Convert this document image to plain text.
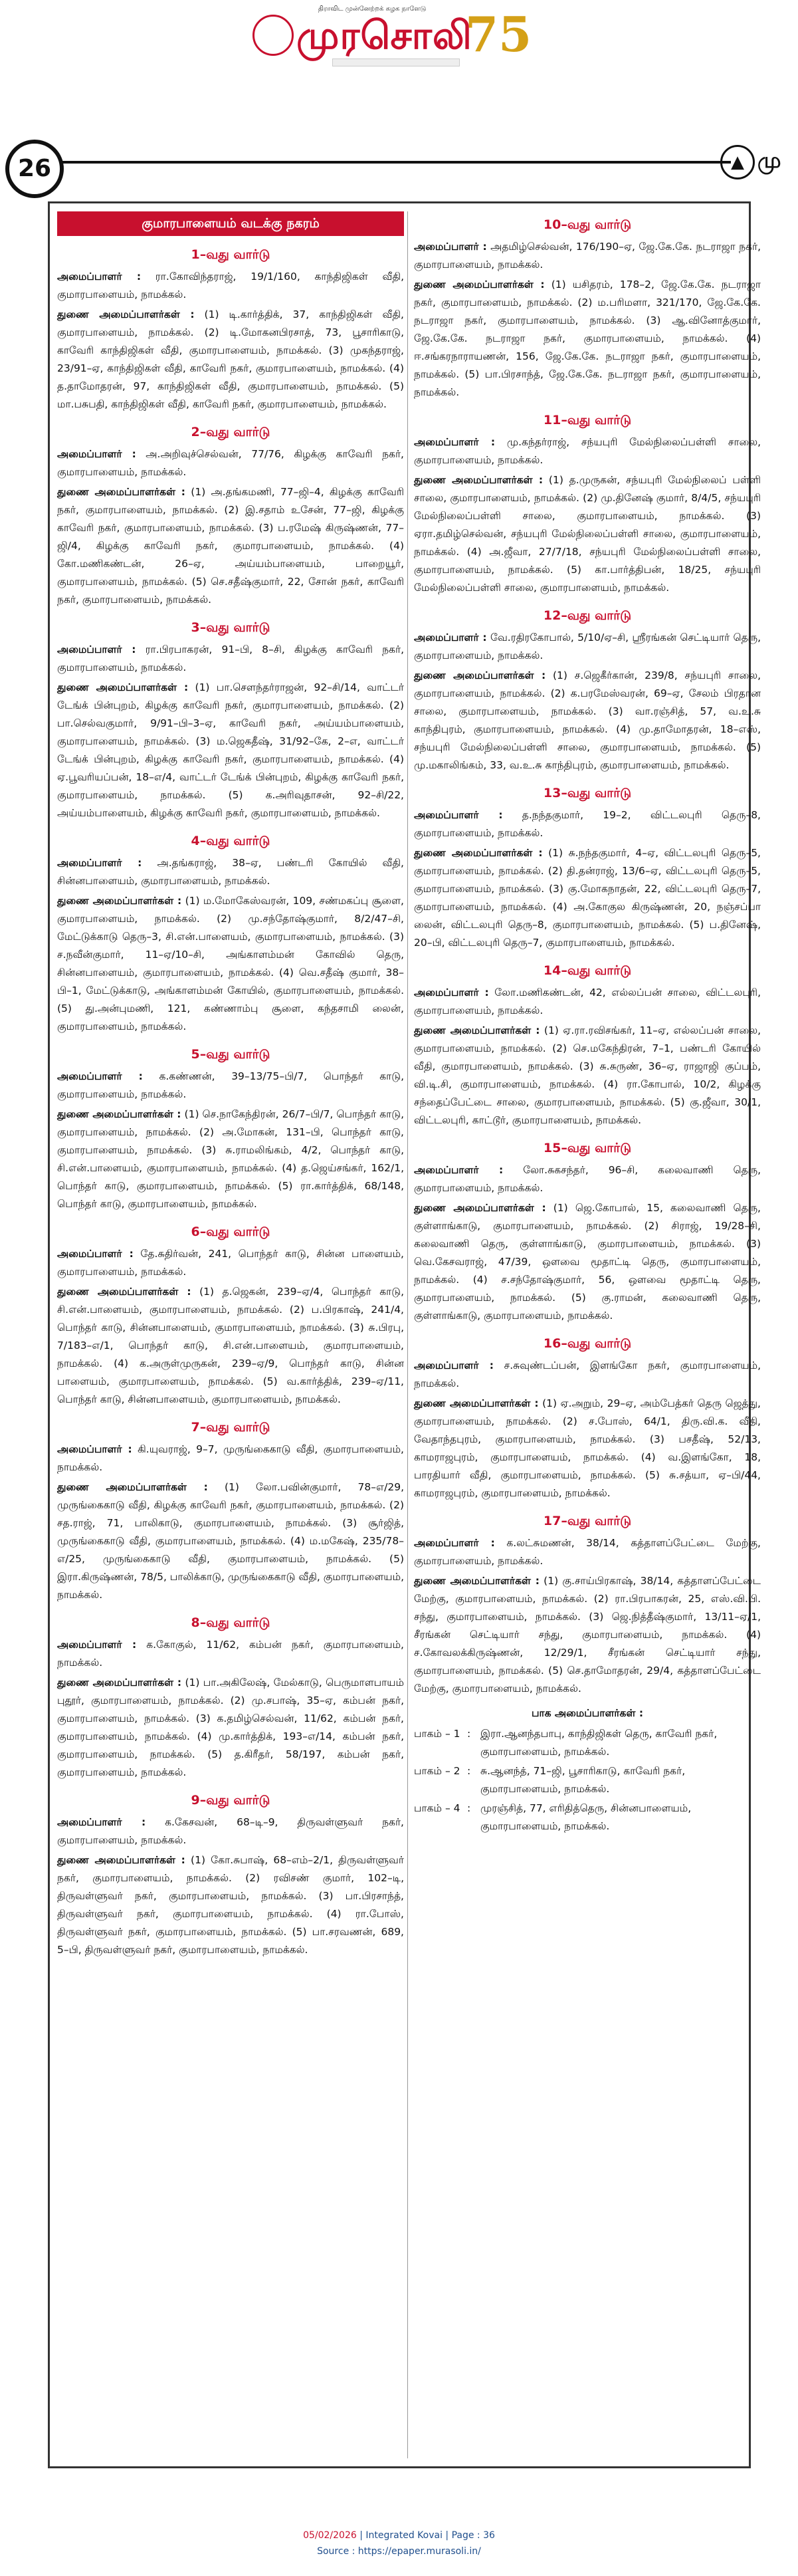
திராவிட முன்னேற்றக் கழக நாளேடு
முரசொலி
75
26	▲ மு
குமாரபாளையம் வடக்கு நகரம்
1–வது வார்டு
அமைப்பாளர் : ரா.கோவிந்தராஜ், 19/1/160, காந்திஜிகள் வீதி, குமாரபாளையம், நாமக்கல்.
துணை அமைப்பாளர்கள் : (1) டி.கார்த்திக், 37, காந்திஜிகள் வீதி, குமாரபாளையம், நாமக்கல். (2) டி.மோகனபிரசாத், 73, பூசாரிகாடு, காவேரி காந்திஜிகள் வீதி, குமாரபாளையம், நாமக்கல். (3) முகந்தராஜ், 23/91–ஏ, காந்திஜிகள் வீதி, காவேரி நகர், குமாரபாளையம், நாமக்கல். (4) த.தாமோதரன், 97, காந்திஜிகள் வீதி, குமாரபாளையம், நாமக்கல். (5) மா.பசுபதி, காந்திஜிகள் வீதி, காவேரி நகர், குமாரபாளையம், நாமக்கல்.
2–வது வார்டு
அமைப்பாளர் : அ.அறிவுச்செல்வன், 77/76, கிழக்கு காவேரி நகர், குமாரபாளையம், நாமக்கல்.
துணை அமைப்பாளர்கள் : (1) அ.தங்கமணி, 77–ஜி–4, கிழக்கு காவேரி நகர், குமாரபாளையம், நாமக்கல். (2) இ.சதாம் உசேன், 77–ஜி, கிழக்கு காவேரி நகர், குமாரபாளையம், நாமக்கல். (3) ப.ரமேஷ் கிருஷ்ணன், 77–ஜி/4, கிழக்கு காவேரி நகர், குமாரபாளையம், நாமக்கல். (4) கோ.மணிகண்டன், 26–ஏ, அய்யம்பாளையம், பாறையூர், குமாரபாளையம், நாமக்கல். (5) செ.சதீஷ்குமார், 22, சோன் நகர், காவேரி நகர், குமாரபாளையம், நாமக்கல்.
3–வது வார்டு
அமைப்பாளர் : ரா.பிரபாகரன், 91–பி, 8–சி, கிழக்கு காவேரி நகர், குமாரபாளையம், நாமக்கல்.
துணை அமைப்பாளர்கள் : (1) பா.சௌந்தர்ராஜன், 92–சி/14, வாட்டர் டேங்க் பின்புறம், கிழக்கு காவேரி நகர், குமாரபாளையம், நாமக்கல். (2) பா.செல்வகுமார், 9/91–பி–3–ஏ, காவேரி நகர், அய்யம்பாளையம், குமாரபாளையம், நாமக்கல். (3) ம.ஜெகதீஷ், 31/92–கே, 2–எ, வாட்டர் டேங்க் பின்புறம், கிழக்கு காவேரி நகர், குமாரபாளையம், நாமக்கல். (4) ஏ.பூவரியப்பன், 18–எ/4, வாட்டர் டேங்க் பின்புறம், கிழக்கு காவேரி நகர், குமாரபாளையம், நாமக்கல். (5) க.அரிவுதாசன், 92–சி/22, அய்யம்பாளையம், கிழக்கு காவேரி நகர், குமாரபாளையம், நாமக்கல்.
4–வது வார்டு
அமைப்பாளர் : அ.தங்கராஜ், 38–ஏ, பண்டரி கோயில் வீதி, சின்னபாளையம், குமாரபாளையம், நாமக்கல்.
துணை அமைப்பாளர்கள் : (1) ம.மோகேஸ்வரன், 109, சண்மகப்பு சூளை, குமாரபாளையம், நாமக்கல். (2) மு.சந்தோஷ்குமார், 8/2/47–சி, மேட்டுக்காடு தெரு–3, சி.என்.பாளையம், குமாரபாளையம், நாமக்கல். (3) ச.நவீன்குமார், 11–ஏ/10–சி, அங்காளம்மன் கோவில் தெரு, சின்னபாளையம், குமாரபாளையம், நாமக்கல். (4) வெ.சதீஷ் குமார், 38–பி–1, மேட்டுக்காடு, அங்காளம்மன் கோயில், குமாரபாளையம், நாமக்கல். (5) து.அன்புமணி, 121, கண்ணாம்பு சூளை, கந்தசாமி லைன், குமாரபாளையம், நாமக்கல்.
5–வது வார்டு
அமைப்பாளர் : க.கண்ணன், 39–13/75–பி/7, பொந்தர் காடு, குமாரபாளையம், நாமக்கல்.
துணை அமைப்பாளர்கள் : (1) செ.நாகேந்திரன், 26/7–பி/7, பொந்தர் காடு, குமாரபாளையம், நாமக்கல். (2) அ.மோகன், 131–பி, பொந்தர் காடு, குமாரபாளையம், நாமக்கல். (3) சு.ராமலிங்கம், 4/2, பொந்தர் காடு, சி.என்.பாளையம், குமாரபாளையம், நாமக்கல். (4) த.ஜெய்சங்கர், 162/1, பொந்தர் காடு, குமாரபாளையம், நாமக்கல். (5) ரா.கார்த்திக், 68/148, பொந்தர் காடு, குமாரபாளையம், நாமக்கல்.
6–வது வார்டு
அமைப்பாளர் : தே.சுதிர்வன், 241, பொந்தர் காடு, சின்ன பாளையம், குமாரபாளையம், நாமக்கல்.
துணை அமைப்பாளர்கள் : (1) த.ஜெகன், 239–ஏ/4, பொந்தர் காடு, சி.என்.பாளையம், குமாரபாளையம், நாமக்கல். (2) ப.பிரகாஷ், 241/4, பொந்தர் காடு, சின்னபாளையம், குமாரபாளையம், நாமக்கல். (3) சு.பிரபு, 7/183–எ/1, பொந்தர் காடு, சி.என்.பாளையம், குமாரபாளையம், நாமக்கல். (4) க.அருள்முருகன், 239–ஏ/9, பொந்தர் காடு, சின்ன பாளையம், குமாரபாளையம், நாமக்கல். (5) வ.கார்த்திக், 239–ஏ/11, பொந்தர் காடு, சின்னபாளையம், குமாரபாளையம், நாமக்கல்.
7–வது வார்டு
அமைப்பாளர் : கி.யுவராஜ், 9–7, முருங்கைகாடு வீதி, குமாரபாளையம், நாமக்கல்.
துணை அமைப்பாளர்கள் : (1) லோ.பவின்குமார், 78–எ/29, முருங்கைகாடு வீதி, கிழக்கு காவேரி நகர், குமாரபாளையம், நாமக்கல். (2) சத.ராஜ், 71, பாலிகாடு, குமாரபாளையம், நாமக்கல். (3) சூர்ஜித், முருங்கைகாடு வீதி, குமாரபாளையம், நாமக்கல். (4) ம.மகேஷ், 235/78–எ/25, முருங்கைகாடு வீதி, குமாரபாளையம், நாமக்கல். (5) இரா.கிருஷ்ணன், 78/5, பாலிக்காடு, முருங்கைகாடு வீதி, குமாரபாளையம், நாமக்கல்.
8–வது வார்டு
அமைப்பாளர் : க.கோகுல், 11/62, கம்பன் நகர், குமாரபாளையம், நாமக்கல்.
துணை அமைப்பாளர்கள் : (1) பா.அகிலேஷ், மேல்காடு, பெருமாளபாயம் புதூர், குமாரபாளையம், நாமக்கல். (2) மு.சபாஷ், 35–ஏ, கம்பன் நகர், குமாரபாளையம், நாமக்கல். (3) க.தமிழ்செல்வன், 11/62, கம்பன் நகர், குமாரபாளையம், நாமக்கல். (4) மு.கார்த்திக், 193–எ/14, கம்பன் நகர், குமாரபாளையம், நாமக்கல். (5) த.கிரீதர், 58/197, கம்பன் நகர், குமாரபாளையம், நாமக்கல்.
9–வது வார்டு
அமைப்பாளர் : க.கேசவன், 68–டி–9, திருவள்ளுவர் நகர், குமாரபாளையம், நாமக்கல்.
துணை அமைப்பாளர்கள் : (1) கோ.சுபாஷ், 68–எம்–2/1, திருவள்ளுவர் நகர், குமாரபாளையம், நாமக்கல். (2) ரவிசண் குமார், 102–டி, திருவள்ளுவர் நகர், குமாரபாளையம், நாமக்கல். (3) பா.பிரசாந்த், திருவள்ளுவர் நகர், குமாரபாளையம், நாமக்கல். (4) ரா.போஸ், திருவள்ளுவர் நகர், குமாரபாளையம், நாமக்கல். (5) பா.சரவணன், 689, 5–பி, திருவள்ளுவர் நகர், குமாரபாளையம், நாமக்கல்.
10–வது வார்டு
அமைப்பாளர் : அதமிழ்செல்வன், 176/190–ஏ, ஜே.கே.கே. நடராஜா நகர், குமாரபாளையம், நாமக்கல்.
துணை அமைப்பாளர்கள் : (1) யசிதரம், 178–2, ஜே.கே.கே. நடராஜா நகர், குமாரபாளையம், நாமக்கல். (2) ம.பரிமளா, 321/170, ஜே.கே.கே. நடராஜா நகர், குமாரபாளையம், நாமக்கல். (3) ஆ.வினோத்குமார், ஜே.கே.கே. நடராஜா நகர், குமாரபாளையம், நாமக்கல். (4) ஈ.சங்கரநாராயணன், 156, ஜே.கே.கே. நடராஜா நகர், குமாரபாளையம், நாமக்கல். (5) பா.பிரசாந்த், ஜே.கே.கே. நடராஜா நகர், குமாரபாளையம், நாமக்கல்.
11–வது வார்டு
அமைப்பாளர் : மு.கந்தர்ராஜ், சந்யபுரி மேல்நிலைப்பள்ளி சாலை, குமாரபாளையம், நாமக்கல்.
துணை அமைப்பாளர்கள் : (1) த.முருகன், சந்யபுரி மேல்நிலைப் பள்ளி சாலை, குமாரபாளையம், நாமக்கல். (2) மு.தினேஷ் குமார், 8/4/5, சந்யபுரி மேல்நிலைப்பள்ளி சாலை, குமாரபாளையம், நாமக்கல். (3) ஏரா.தமிழ்செல்வன், சந்யபுரி மேல்நிலைப்பள்ளி சாலை, குமாரபாளையம், நாமக்கல். (4) அ.ஜீவா, 27/7/18, சந்யபுரி மேல்நிலைப்பள்ளி சாலை, குமாரபாளையம், நாமக்கல். (5) கா.பார்த்திபன், 18/25, சந்யபுரி மேல்நிலைப்பள்ளி சாலை, குமாரபாளையம், நாமக்கல்.
12–வது வார்டு
அமைப்பாளர் : வே.ரதிரகோபால், 5/10/ஏ–சி, ஸ்ரீரங்கன் செட்டியார் தெரு, குமாரபாளையம், நாமக்கல்.
துணை அமைப்பாளர்கள் : (1) ச.ஜெகீர்கான், 239/8, சந்யபுரி சாலை, குமாரபாளையம், நாமக்கல். (2) க.பரமேஸ்வரன், 69–ஏ, சேலம் பிரதான சாலை, குமாரபாளையம், நாமக்கல். (3) வா.ரஞ்சித், 57, வ.உ.சு காந்திபுரம், குமாரபாளையம், நாமக்கல். (4) மு.தாமோதரன், 18–எஸ், சந்யபுரி மேல்நிலைப்பள்ளி சாலை, குமாரபாளையம், நாமக்கல். (5) மு.மகாலிங்கம், 33, வ.உ.சு காந்திபுரம், குமாரபாளையம், நாமக்கல்.
13–வது வார்டு
அமைப்பாளர் : த.நந்தகுமார், 19–2, விட்டலபுரி தெரு–8, குமாரபாளையம், நாமக்கல்.
துணை அமைப்பாளர்கள் : (1) சு.நந்தகுமார், 4–ஏ, விட்டலபுரி தெரு–5, குமாரபாளையம், நாமக்கல். (2) தி.தன்ராஜ், 13/6–ஏ, விட்டலபுரி தெரு–5, குமாரபாளையம், நாமக்கல். (3) கு.மோகநாதன், 22, விட்டலபுரி தெரு–7, குமாரபாளையம், நாமக்கல். (4) அ.கோகுல கிருஷ்ணன், 20, நஞ்சப்பா லைன், விட்டலபுரி தெரு–8, குமாரபாளையம், நாமக்கல். (5) ப.தினேஷ், 20–பி, விட்டலபுரி தெரு–7, குமாரபாளையம், நாமக்கல்.
14–வது வார்டு
அமைப்பாளர் : லோ.மணிகண்டன், 42, எல்லப்பன் சாலை, விட்டலபுரி, குமாரபாளையம், நாமக்கல்.
துணை அமைப்பாளர்கள் : (1) ஏ.ரா.ரவிசங்கர், 11–ஏ, எல்லப்பன் சாலை, குமாரபாளையம், நாமக்கல். (2) செ.மகேந்திரன், 7–1, பண்டரி கோயில் வீதி, குமாரபாளையம், நாமக்கல். (3) சு.சுருண், 36–ஏ, ராஜாஜி குப்பம், வி.டி.சி, குமாரபாளையம், நாமக்கல். (4) ரா.கோபால், 10/2, கிழக்கு சந்தைப்பேட்டை சாலை, குமாரபாளையம், நாமக்கல். (5) கு.ஜீவா, 30/1, விட்டலபுரி, காட்டூர், குமாரபாளையம், நாமக்கல்.
15–வது வார்டு
அமைப்பாளர் : லோ.சுகசந்தர், 96–சி, கலைவாணி தெரு, குமாரபாளையம், நாமக்கல்.
துணை அமைப்பாளர்கள் : (1) ஜெ.கோபால், 15, கலைவாணி தெரு, குள்ளாங்காடு, குமாரபாளையம், நாமக்கல். (2) சிராஜ், 19/28–சி, கலைவாணி தெரு, குள்ளாங்காடு, குமாரபாளையம், நாமக்கல். (3) வெ.கேசவராஜ், 47/39, ஒளவை மூதாட்டி தெரு, குமாரபாளையம், நாமக்கல். (4) ச.சந்தோஷ்குமார், 56, ஒளவை மூதாட்டி தெரு, குமாரபாளையம், நாமக்கல். (5) கு.ராமன், கலைவாணி தெரு, குள்ளாங்காடு, குமாரபாளையம், நாமக்கல்.
16–வது வார்டு
அமைப்பாளர் : ச.சுவுண்டப்பன், இளங்கோ நகர், குமாரபாளையம், நாமக்கல்.
துணை அமைப்பாளர்கள் : (1) ஏ.அறும், 29–ஏ, அம்பேத்கர் தெரு ஜெத்து, குமாரபாளையம், நாமக்கல். (2) ச.போஸ், 64/1, திரு.வி.க. வீதி, வேதாந்தபுரம், குமாரபாளையம், நாமக்கல். (3) பசதீஷ், 52/13, காமராஜபுரம், குமாரபாளையம், நாமக்கல். (4) வ.இளங்கோ, 18, பாரதியார் வீதி, குமாரபாளையம், நாமக்கல். (5) சு.சத்யா, ஏ–பி/44, காமராஜபுரம், குமாரபாளையம், நாமக்கல்.
17–வது வார்டு
அமைப்பாளர் : க.லட்சுமணன், 38/14, கத்தாளப்பேட்டை மேற்கு, குமாரபாளையம், நாமக்கல்.
துணை அமைப்பாளர்கள் : (1) கு.சாய்பிரகாஷ், 38/14, கத்தாளப்பேட்டை மேற்கு, குமாரபாளையம், நாமக்கல். (2) ரா.பிரபாகரன், 25, எஸ்.வி.பி. சந்து, குமாரபாளையம், நாமக்கல். (3) ஜெ.நித்தீஷ்குமார், 13/11–ஏ/1, சீரங்கன் செட்டியார் சந்து, குமாரபாளையம், நாமக்கல். (4) ச.கோவலக்கிருஷ்ணன், 12/29/1, சீரங்கன் செட்டியார் சந்து, குமாரபாளையம், நாமக்கல். (5) செ.தாமோதரன், 29/4, கத்தாளப்பேட்டை மேற்கு, குமாரபாளையம், நாமக்கல்.
பாக அமைப்பாளர்கள் :
பாகம் – 1 : இரா.ஆனந்தபாபு, காந்திஜிகள் தெரு, காவேரி நகர், குமாரபாளையம், நாமக்கல்.
பாகம் – 2 : சு.ஆனந்த், 71–ஜி, பூசாரிகாடு, காவேரி நகர், குமாரபாளையம், நாமக்கல்.
பாகம் – 4 : முரஞ்சித், 77, எரிதித்தெரு, சின்னபாளையம், குமாரபாளையம், நாமக்கல்.
05/02/2026 | Integrated Kovai | Page : 36
Source : https://epaper.murasoli.in/
